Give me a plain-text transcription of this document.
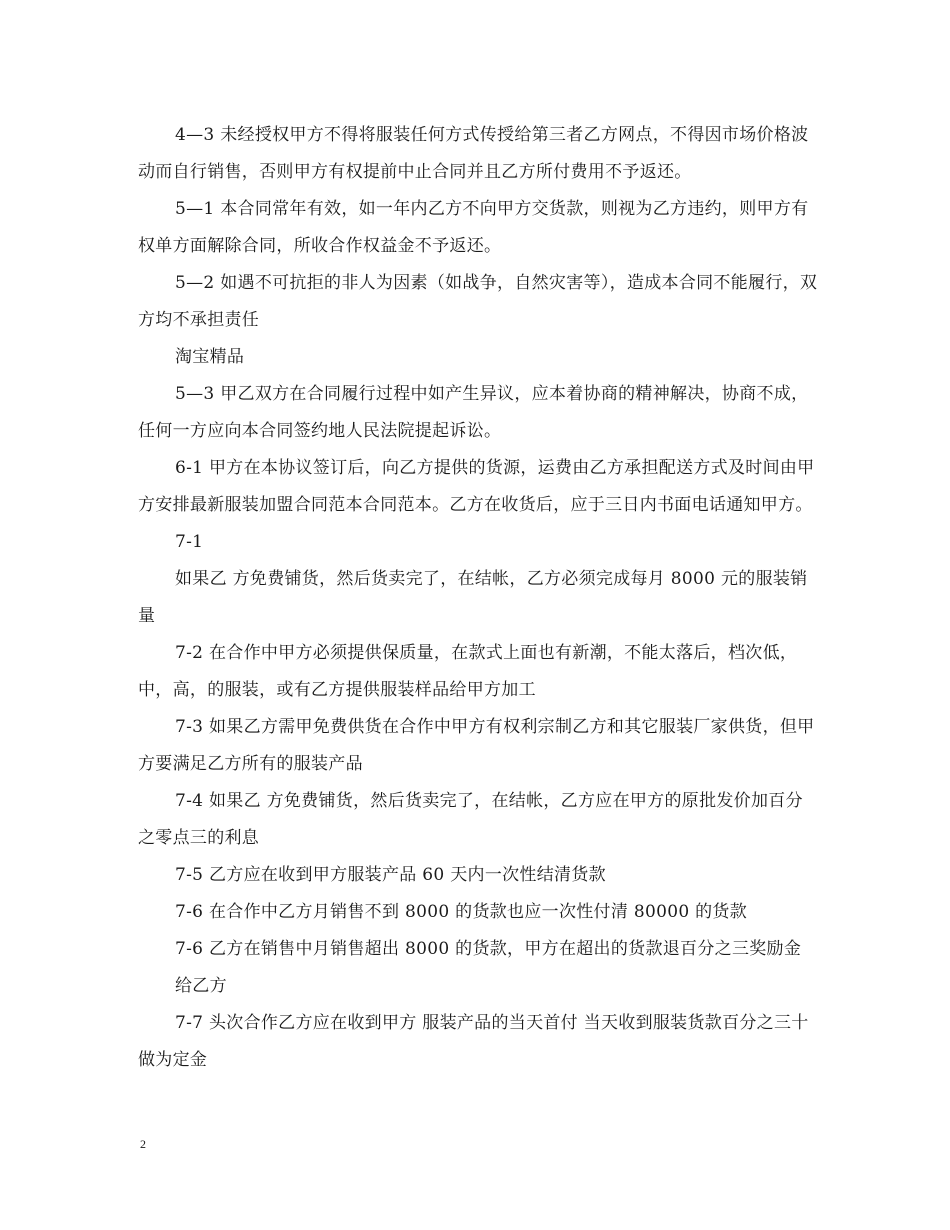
4—3 未经授权甲方不得将服装任何方式传授给第三者乙方网点，不得因市场价格波动而自行销售，否则甲方有权提前中止合同并且乙方所付费用不予返还。

5—1 本合同常年有效，如一年内乙方不向甲方交货款，则视为乙方违约，则甲方有权单方面解除合同，所收合作权益金不予返还。

5—2 如遇不可抗拒的非人为因素（如战争，自然灾害等），造成本合同不能履行，双方均不承担责任

淘宝精品

5—3 甲乙双方在合同履行过程中如产生异议，应本着协商的精神解决，协商不成，任何一方应向本合同签约地人民法院提起诉讼。

6-1 甲方在本协议签订后，向乙方提供的货源，运费由乙方承担配送方式及时间由甲方安排最新服装加盟合同范本合同范本。乙方在收货后，应于三日内书面电话通知甲方。

7-1

如果乙 方免费铺货，然后货卖完了，在结帐，乙方必须完成每月 8000 元的服装销量

7-2 在合作中甲方必须提供保质量，在款式上面也有新潮，不能太落后，档次低，中，高，的服装，或有乙方提供服装样品给甲方加工

7-3 如果乙方需甲免费供货在合作中甲方有权利宗制乙方和其它服装厂家供货，但甲方要满足乙方所有的服装产品

7-4 如果乙 方免费铺货，然后货卖完了，在结帐，乙方应在甲方的原批发价加百分之零点三的利息

7-5 乙方应在收到甲方服装产品 60 天内一次性结清货款

7-6 在合作中乙方月销售不到 8000 的货款也应一次性付清 80000 的货款

7-6 乙方在销售中月销售超出 8000 的货款，甲方在超出的货款退百分之三奖励金

给乙方

7-7 头次合作乙方应在收到甲方 服装产品的当天首付 当天收到服装货款百分之三十做为定金

2
